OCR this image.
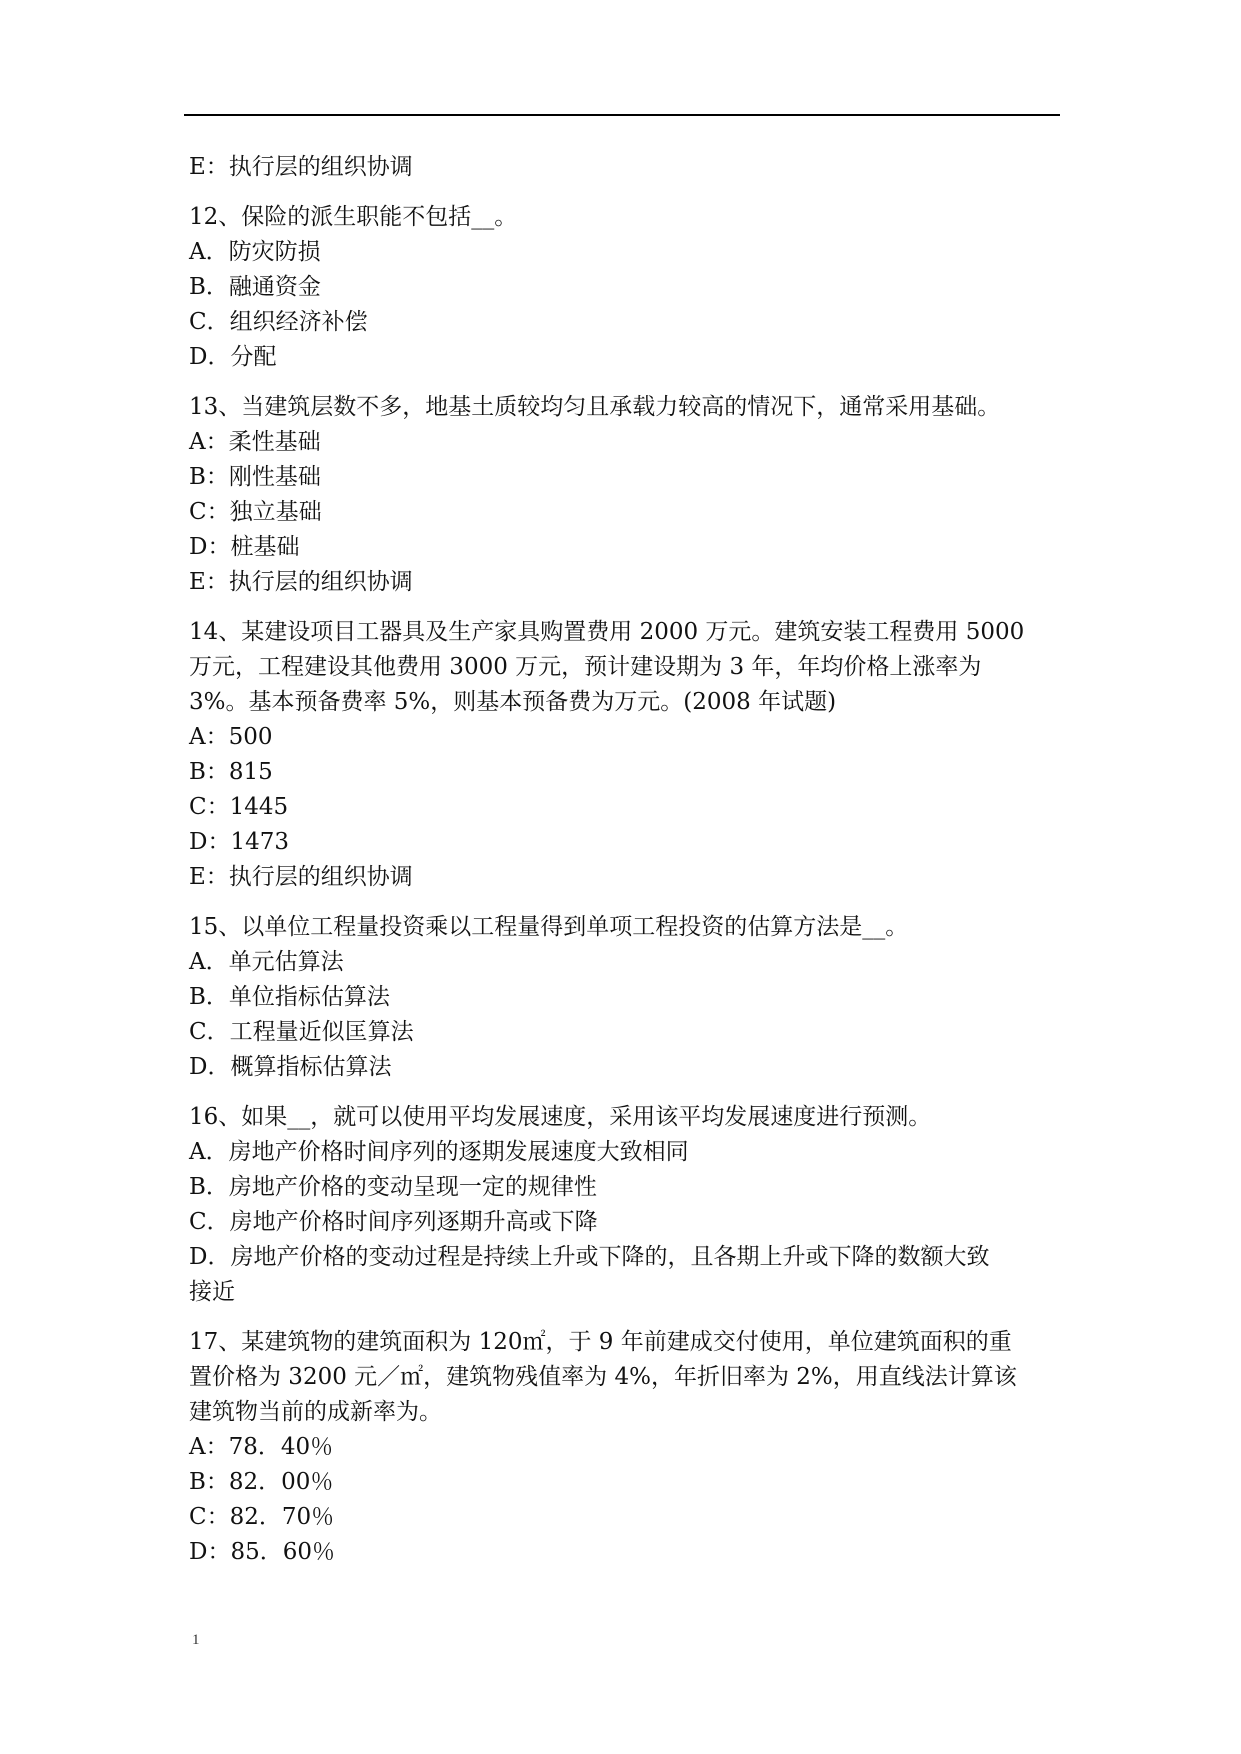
E：执行层的组织协调
12、保险的派生职能不包括__。
A．防灾防损
B．融通资金
C．组织经济补偿
D．分配
13、当建筑层数不多，地基土质较均匀且承载力较高的情况下，通常采用基础。
A：柔性基础
B：刚性基础
C：独立基础
D：桩基础
E：执行层的组织协调
14、某建设项目工器具及生产家具购置费用 2000 万元。建筑安装工程费用 5000
万元，工程建设其他费用 3000 万元，预计建设期为 3 年，年均价格上涨率为
3%。基本预备费率 5%，则基本预备费为万元。(2008 年试题)
A：500
B：815
C：1445
D：1473
E：执行层的组织协调
15、以单位工程量投资乘以工程量得到单项工程投资的估算方法是__。
A．单元估算法
B．单位指标估算法
C．工程量近似匡算法
D．概算指标估算法
16、如果__，就可以使用平均发展速度，采用该平均发展速度进行预测。
A．房地产价格时间序列的逐期发展速度大致相同
B．房地产价格的变动呈现一定的规律性
C．房地产价格时间序列逐期升高或下降
D．房地产价格的变动过程是持续上升或下降的，且各期上升或下降的数额大致
接近
17、某建筑物的建筑面积为 120㎡，于 9 年前建成交付使用，单位建筑面积的重
置价格为 3200 元／㎡，建筑物残值率为 4%，年折旧率为 2%，用直线法计算该
建筑物当前的成新率为。
A：78．40％
B：82．00％
C：82．70％
D：85．60％
1
